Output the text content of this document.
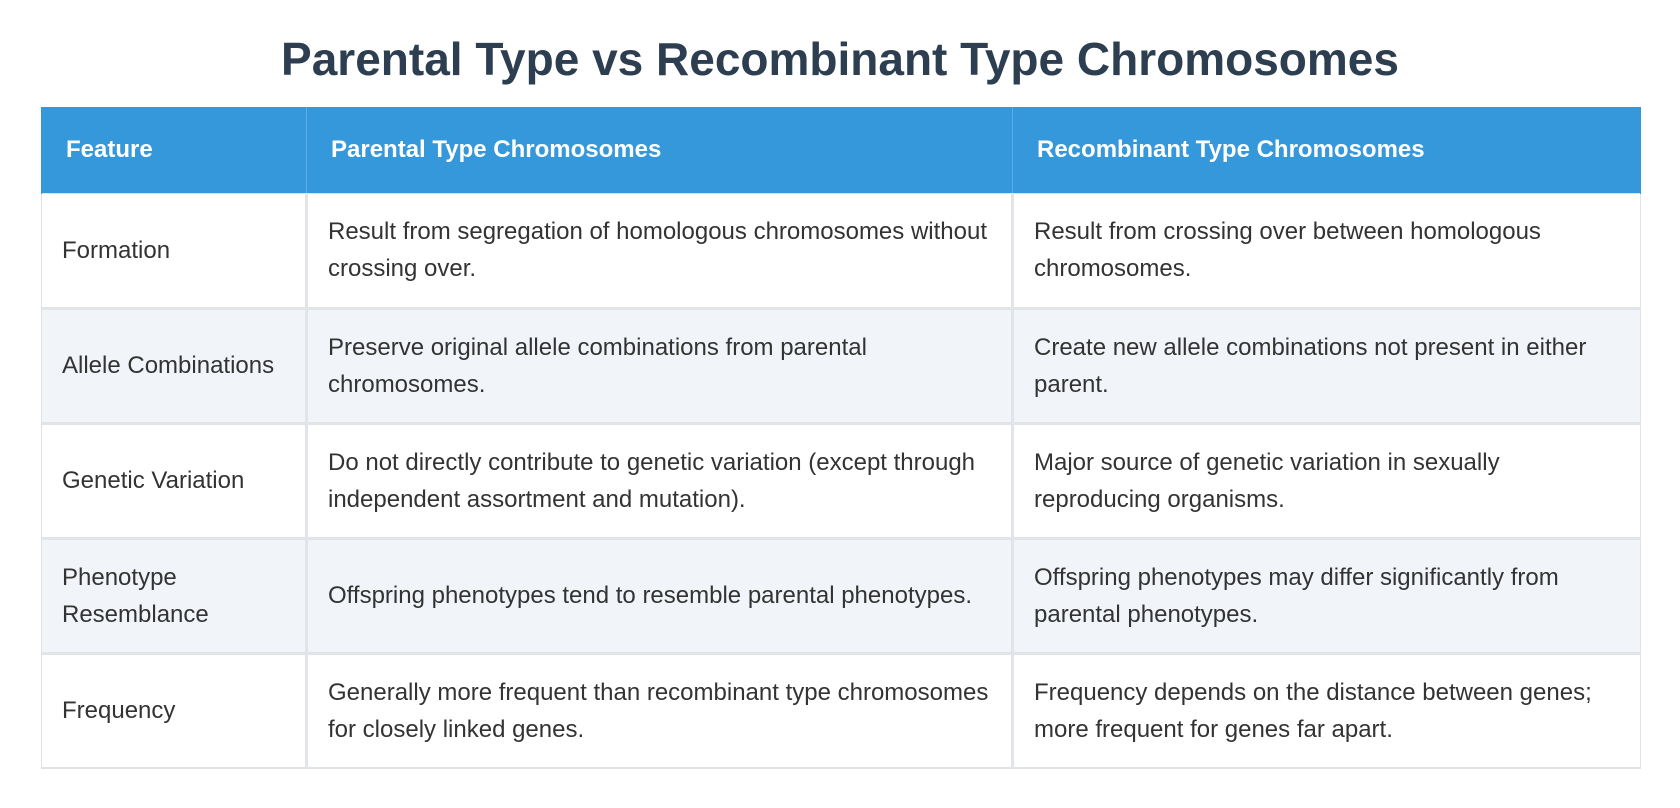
Parental Type vs Recombinant Type Chromosomes
Feature	Parental Type Chromosomes	Recombinant Type Chromosomes
Formation	Result from segregation of homologous chromosomes without crossing over.	Result from crossing over between homologous chromosomes.
Allele Combinations	Preserve original allele combinations from parental chromosomes.	Create new allele combinations not present in either parent.
Genetic Variation	Do not directly contribute to genetic variation (except through independent assortment and mutation).	Major source of genetic variation in sexually reproducing organisms.
Phenotype Resemblance	Offspring phenotypes tend to resemble parental phenotypes.	Offspring phenotypes may differ significantly from parental phenotypes.
Frequency	Generally more frequent than recombinant type chromosomes for closely linked genes.	Frequency depends on the distance between genes; more frequent for genes far apart.
